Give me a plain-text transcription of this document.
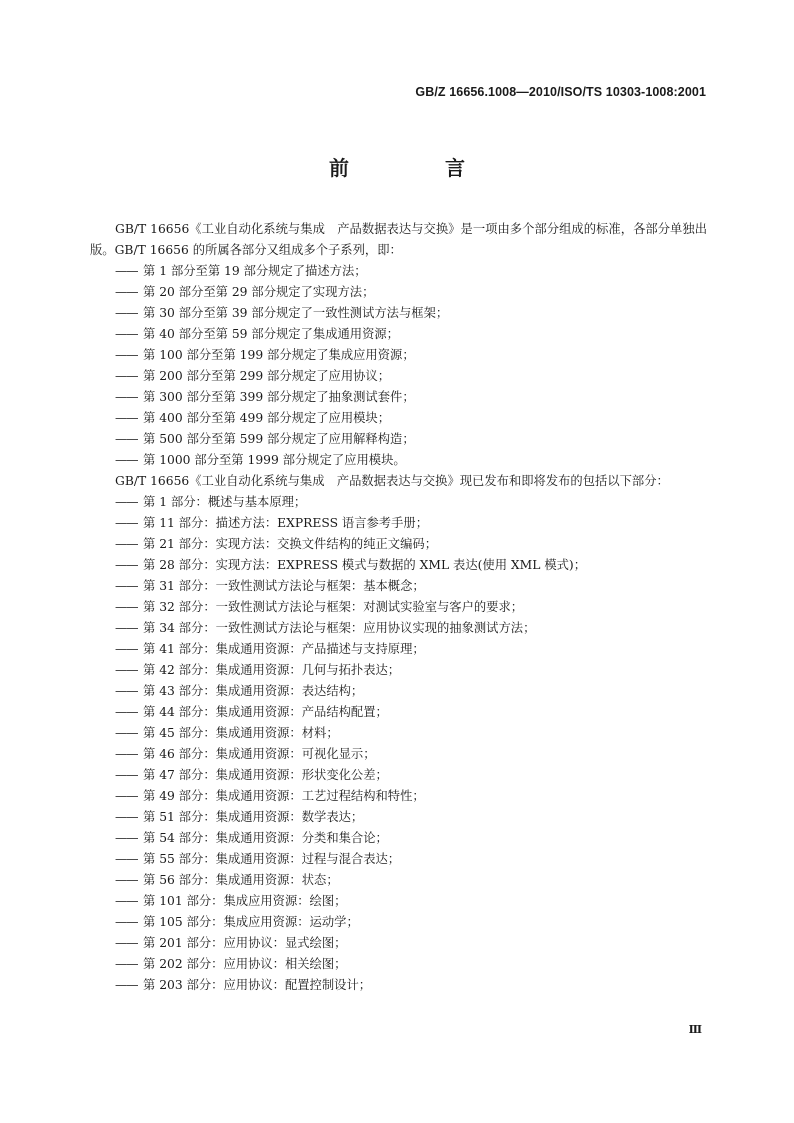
GB/Z 16656.1008—2010/ISO/TS 10303-1008:2001
前　言

GB/T 16656《工业自动化系统与集成　产品数据表达与交换》是一项由多个部分组成的标准，各部分单独出版。GB/T 16656 的所属各部分又组成多个子系列，即：

—— 第 1 部分至第 19 部分规定了描述方法；
—— 第 20 部分至第 29 部分规定了实现方法；
—— 第 30 部分至第 39 部分规定了一致性测试方法与框架；
—— 第 40 部分至第 59 部分规定了集成通用资源；
—— 第 100 部分至第 199 部分规定了集成应用资源；
—— 第 200 部分至第 299 部分规定了应用协议；
—— 第 300 部分至第 399 部分规定了抽象测试套件；
—— 第 400 部分至第 499 部分规定了应用模块；
—— 第 500 部分至第 599 部分规定了应用解释构造；
—— 第 1000 部分至第 1999 部分规定了应用模块。

GB/T 16656《工业自动化系统与集成　产品数据表达与交换》现已发布和即将发布的包括以下部分：

—— 第 1 部分：概述与基本原理；
—— 第 11 部分：描述方法：EXPRESS 语言参考手册；
—— 第 21 部分：实现方法：交换文件结构的纯正文编码；
—— 第 28 部分：实现方法：EXPRESS 模式与数据的 XML 表达(使用 XML 模式)；
—— 第 31 部分：一致性测试方法论与框架：基本概念；
—— 第 32 部分：一致性测试方法论与框架：对测试实验室与客户的要求；
—— 第 34 部分：一致性测试方法论与框架：应用协议实现的抽象测试方法；
—— 第 41 部分：集成通用资源：产品描述与支持原理；
—— 第 42 部分：集成通用资源：几何与拓扑表达；
—— 第 43 部分：集成通用资源：表达结构；
—— 第 44 部分：集成通用资源：产品结构配置；
—— 第 45 部分：集成通用资源：材料；
—— 第 46 部分：集成通用资源：可视化显示；
—— 第 47 部分：集成通用资源：形状变化公差；
—— 第 49 部分：集成通用资源：工艺过程结构和特性；
—— 第 51 部分：集成通用资源：数学表达；
—— 第 54 部分：集成通用资源：分类和集合论；
—— 第 55 部分：集成通用资源：过程与混合表达；
—— 第 56 部分：集成通用资源：状态；
—— 第 101 部分：集成应用资源：绘图；
—— 第 105 部分：集成应用资源：运动学；
—— 第 201 部分：应用协议：显式绘图；
—— 第 202 部分：应用协议：相关绘图；
—— 第 203 部分：应用协议：配置控制设计；
Ⅲ
